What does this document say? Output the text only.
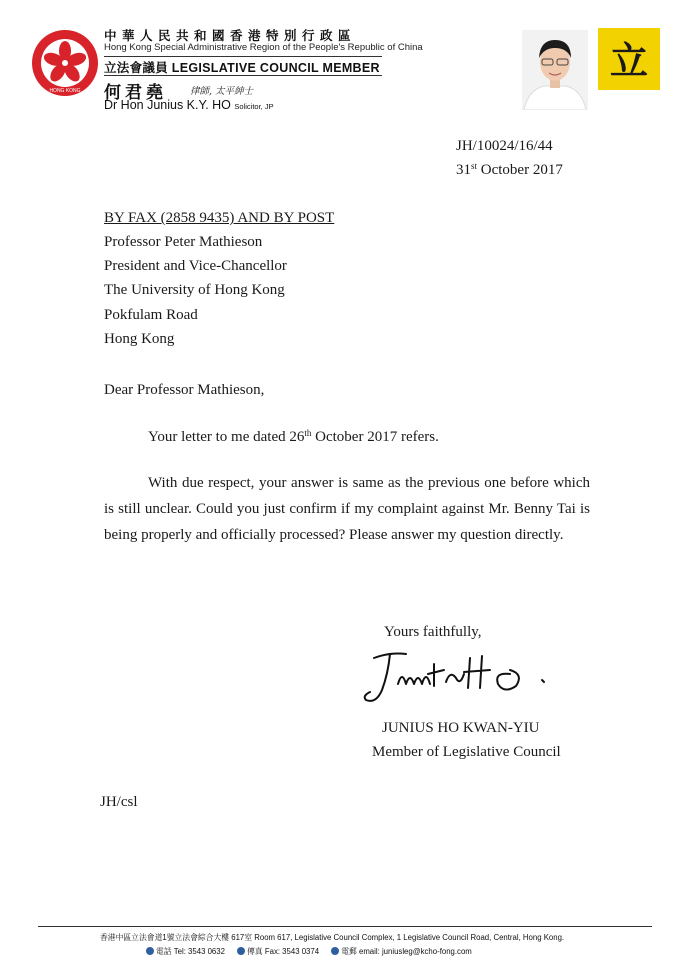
HONG KONG
中華人民共和國香港特別行政區
Hong Kong Special Administrative Region of the People's Republic of China
立法會議員 LEGISLATIVE COUNCIL MEMBER
何君堯 律師, 太平紳士
Dr Hon Junius K.Y. HO Solicitor, JP
立
JH/10024/16/44
31st October 2017
BY FAX (2858 9435) AND BY POST
Professor Peter Mathieson
President and Vice-Chancellor
The University of Hong Kong
Pokfulam Road
Hong Kong
Dear Professor Mathieson,
Your letter to me dated 26th October 2017 refers.
With due respect, your answer is same as the previous one before which is still unclear. Could you just confirm if my complaint against Mr. Benny Tai is being properly and officially processed? Please answer my question directly.
Yours faithfully,
JUNIUS HO KWAN-YIU
Member of Legislative Council
JH/csl
香港中區立法會道1號立法會綜合大樓 617室 Room 617, Legislative Council Complex, 1 Legislative Council Road, Central, Hong Kong.
電話 Tel: 3543 0632	傳真 Fax: 3543 0374	電郵 email: juniusleg@kcho-fong.com
